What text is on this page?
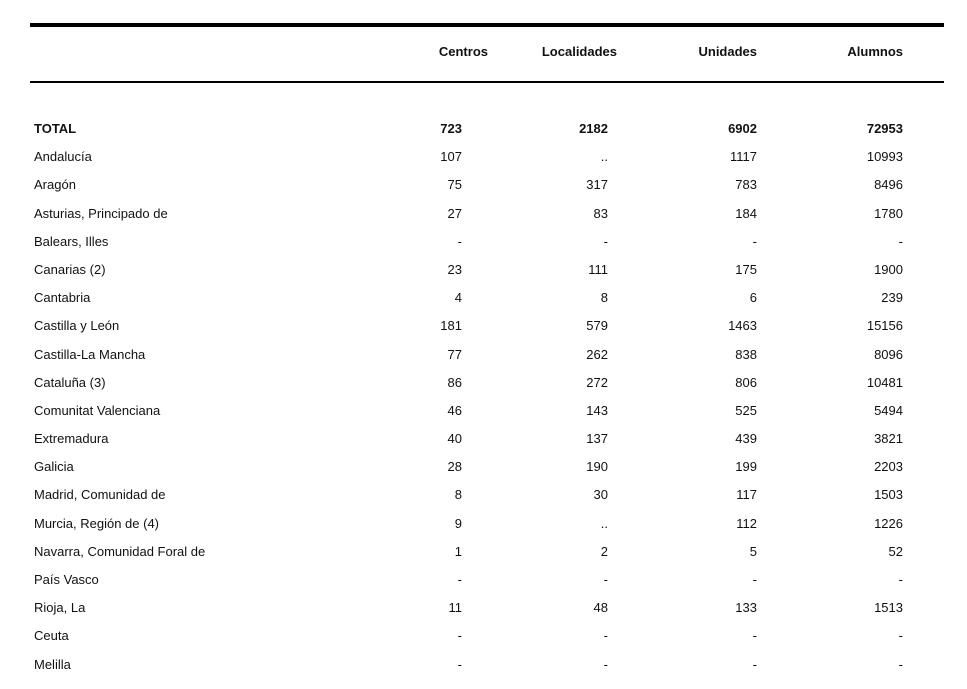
Centros	Localidades	Unidades	Alumnos
TOTAL	723	2182	6902	72953
Andalucía	107	..	1117	10993
Aragón	75	317	783	8496
Asturias, Principado de	27	83	184	1780
Balears, Illes	-	-	-	-
Canarias (2)	23	111	175	1900
Cantabria	4	8	6	239
Castilla y León	181	579	1463	15156
Castilla-La Mancha	77	262	838	8096
Cataluña (3)	86	272	806	10481
Comunitat Valenciana	46	143	525	5494
Extremadura	40	137	439	3821
Galicia	28	190	199	2203
Madrid, Comunidad de	8	30	117	1503
Murcia, Región de (4)	9	..	112	1226
Navarra, Comunidad Foral de	1	2	5	52
País Vasco	-	-	-	-
Rioja, La	11	48	133	1513
Ceuta	-	-	-	-
Melilla	-	-	-	-
